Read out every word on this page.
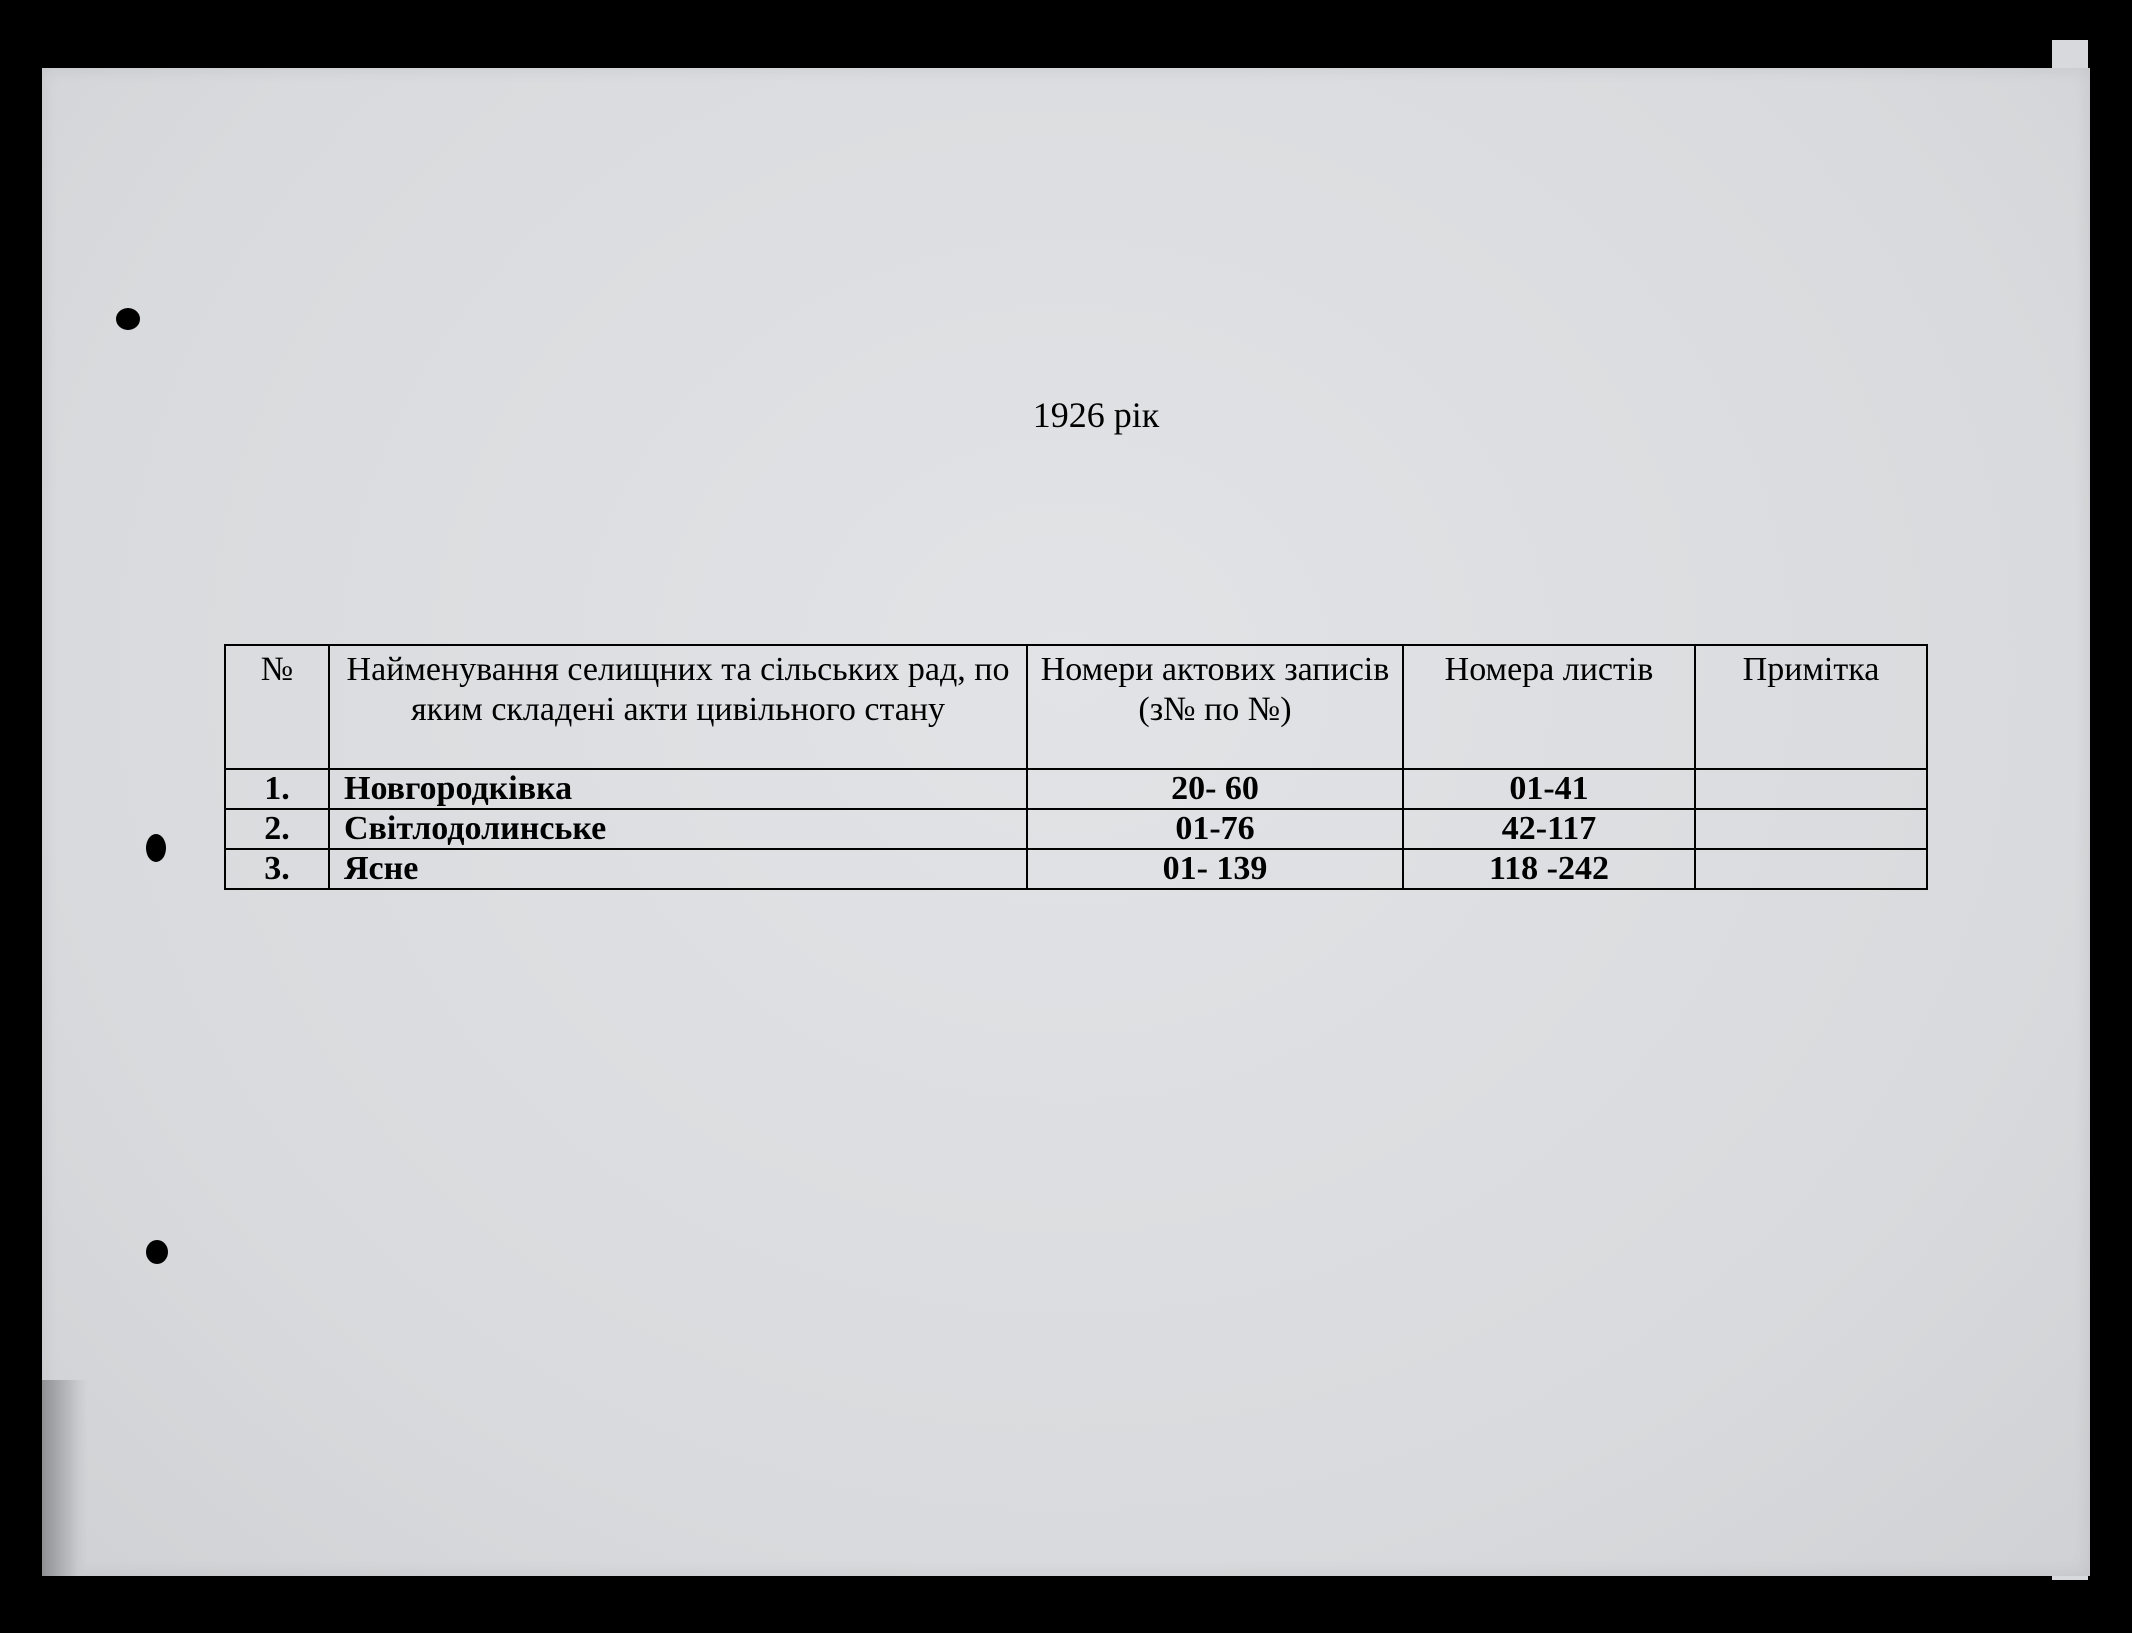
1926 рік
№	Найменування селищних та сільських рад, по яким складені акти цивільного стану	Номери актових записів (з№ по №)	Номера листів	Примітка
1.	Новгородківка	20- 60	01-41	
2.	Світлодолинське	01-76	42-117	
3.	Ясне	01- 139	118 -242	
